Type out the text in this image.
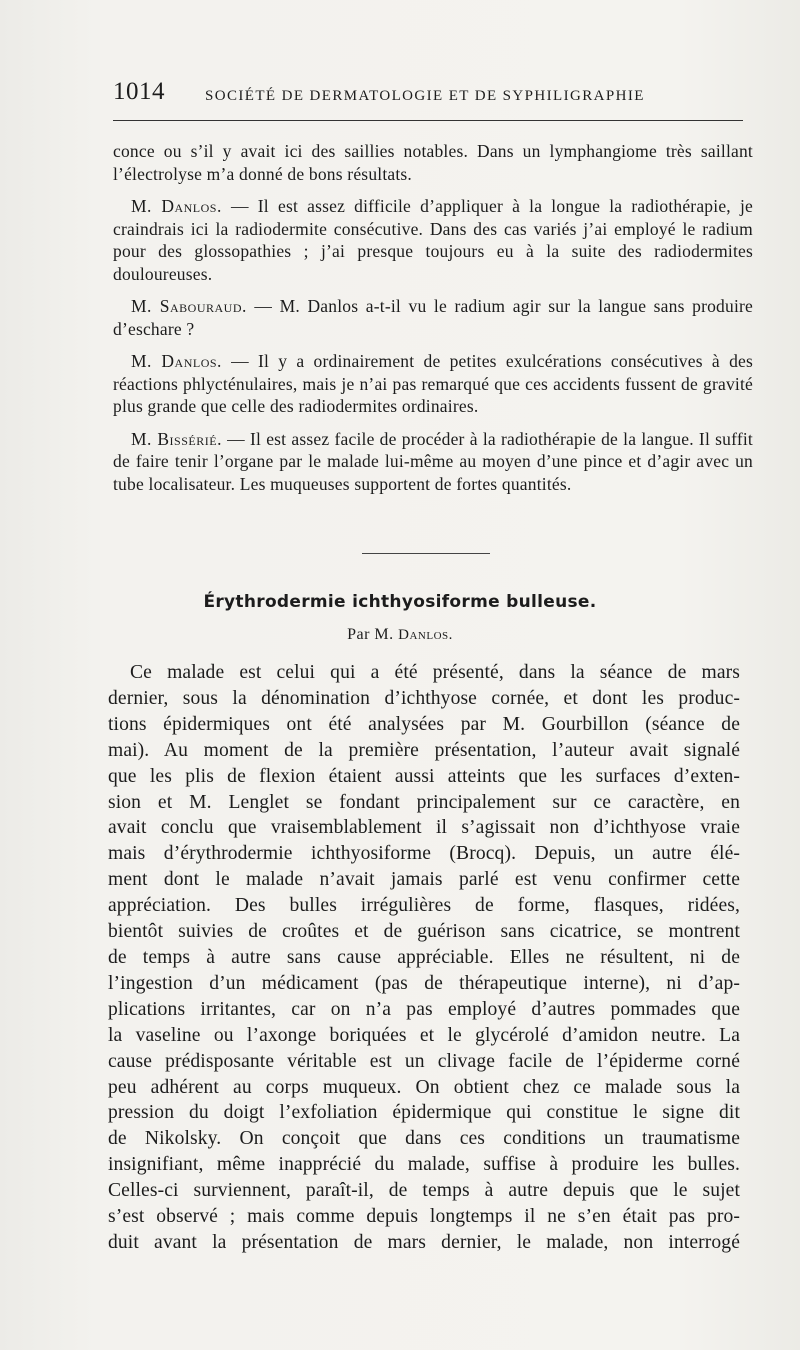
1014	SOCIÉTÉ DE DERMATOLOGIE ET DE SYPHILIGRAPHIE

conce ou s’il y avait ici des saillies notables. Dans un lymphangiome très saillant l’électrolyse m’a donné de bons résultats.

M. Danlos. — Il est assez difficile d’appliquer à la longue la radiothérapie, je craindrais ici la radiodermite consécutive. Dans des cas variés j’ai employé le radium pour des glossopathies ; j’ai presque toujours eu à la suite des radiodermites douloureuses.

M. Sabouraud. — M. Danlos a-t-il vu le radium agir sur la langue sans produire d’eschare ?

M. Danlos. — Il y a ordinairement de petites exulcérations consécutives à des réactions phlycténulaires, mais je n’ai pas remarqué que ces accidents fussent de gravité plus grande que celle des radiodermites ordinaires.

M. Bissérié. — Il est assez facile de procéder à la radiothérapie de la langue. Il suffit de faire tenir l’organe par le malade lui-même au moyen d’une pince et d’agir avec un tube localisateur. Les muqueuses supportent de fortes quantités.

Érythrodermie ichthyosiforme bulleuse.
Par M. Danlos.

Ce malade est celui qui a été présenté, dans la séance de mars
dernier, sous la dénomination d’ichthyose cornée, et dont les produc-
tions épidermiques ont été analysées par M. Gourbillon (séance de
mai). Au moment de la première présentation, l’auteur avait signalé
que les plis de flexion étaient aussi atteints que les surfaces d’exten-
sion et M. Lenglet se fondant principalement sur ce caractère, en
avait conclu que vraisemblablement il s’agissait non d’ichthyose vraie
mais d’érythrodermie ichthyosiforme (Brocq). Depuis, un autre élé-
ment dont le malade n’avait jamais parlé est venu confirmer cette
appréciation. Des bulles irrégulières de forme, flasques, ridées,
bientôt suivies de croûtes et de guérison sans cicatrice, se montrent
de temps à autre sans cause appréciable. Elles ne résultent, ni de
l’ingestion d’un médicament (pas de thérapeutique interne), ni d’ap-
plications irritantes, car on n’a pas employé d’autres pommades que
la vaseline ou l’axonge boriquées et le glycérolé d’amidon neutre. La
cause prédisposante véritable est un clivage facile de l’épiderme corné
peu adhérent au corps muqueux. On obtient chez ce malade sous la
pression du doigt l’exfoliation épidermique qui constitue le signe dit
de Nikolsky. On conçoit que dans ces conditions un traumatisme
insignifiant, même inapprécié du malade, suffise à produire les bulles.
Celles-ci surviennent, paraît-il, de temps à autre depuis que le sujet
s’est observé ; mais comme depuis longtemps il ne s’en était pas pro-
duit avant la présentation de mars dernier, le malade, non interrogé
